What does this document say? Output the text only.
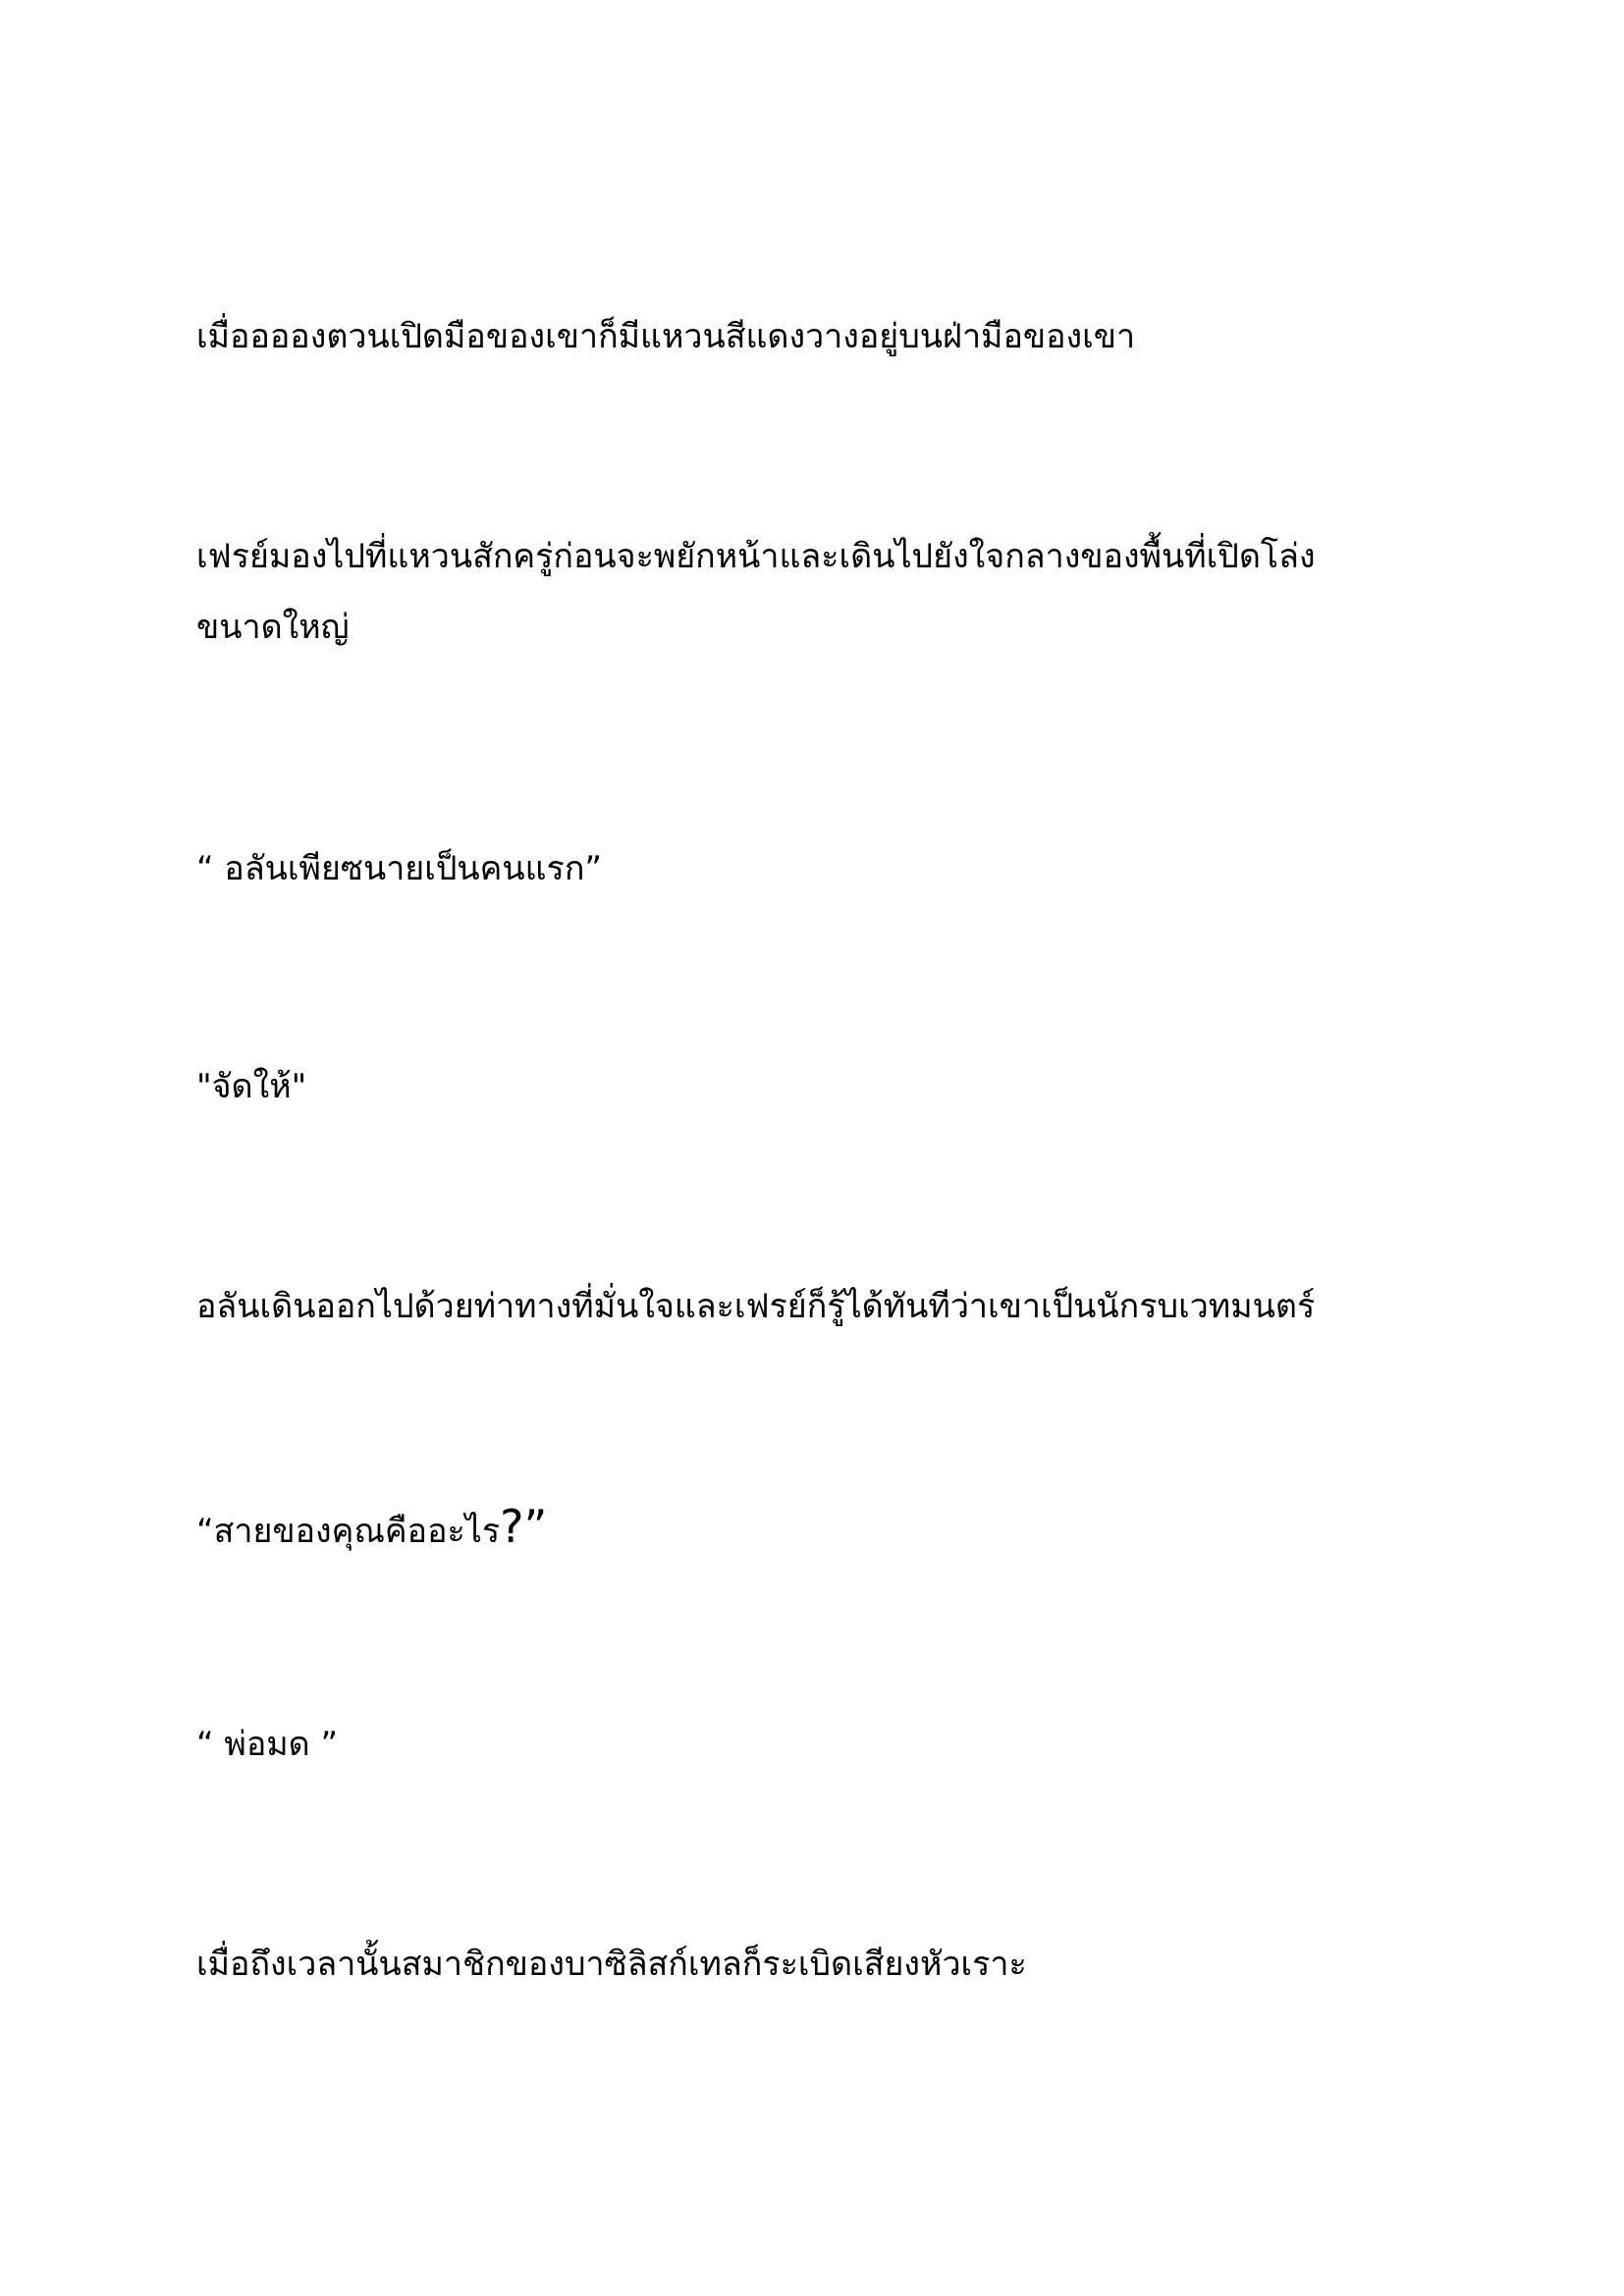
เมื่อออองตวนเปิดมือของเขาก็มีแหวนสีแดงวางอยู่บนฝ่ามือของเขา

เฟรย์มองไปที่แหวนสักครู่ก่อนจะพยักหน้าและเดินไปยังใจกลางของพื้นที่เปิดโล่ง
ขนาดใหญ่

“ อลันเพียซนายเป็นคนแรก”

"จัดให้"

อลันเดินออกไปด้วยท่าทางที่มั่นใจและเฟรย์ก็รู้ได้ทันทีว่าเขาเป็นนักรบเวทมนตร์

“สายของคุณคืออะไร?”

“ พ่อมด ”

เมื่อถึงเวลานั้นสมาชิกของบาซิลิสก์เทลก็ระเบิดเสียงหัวเราะ
